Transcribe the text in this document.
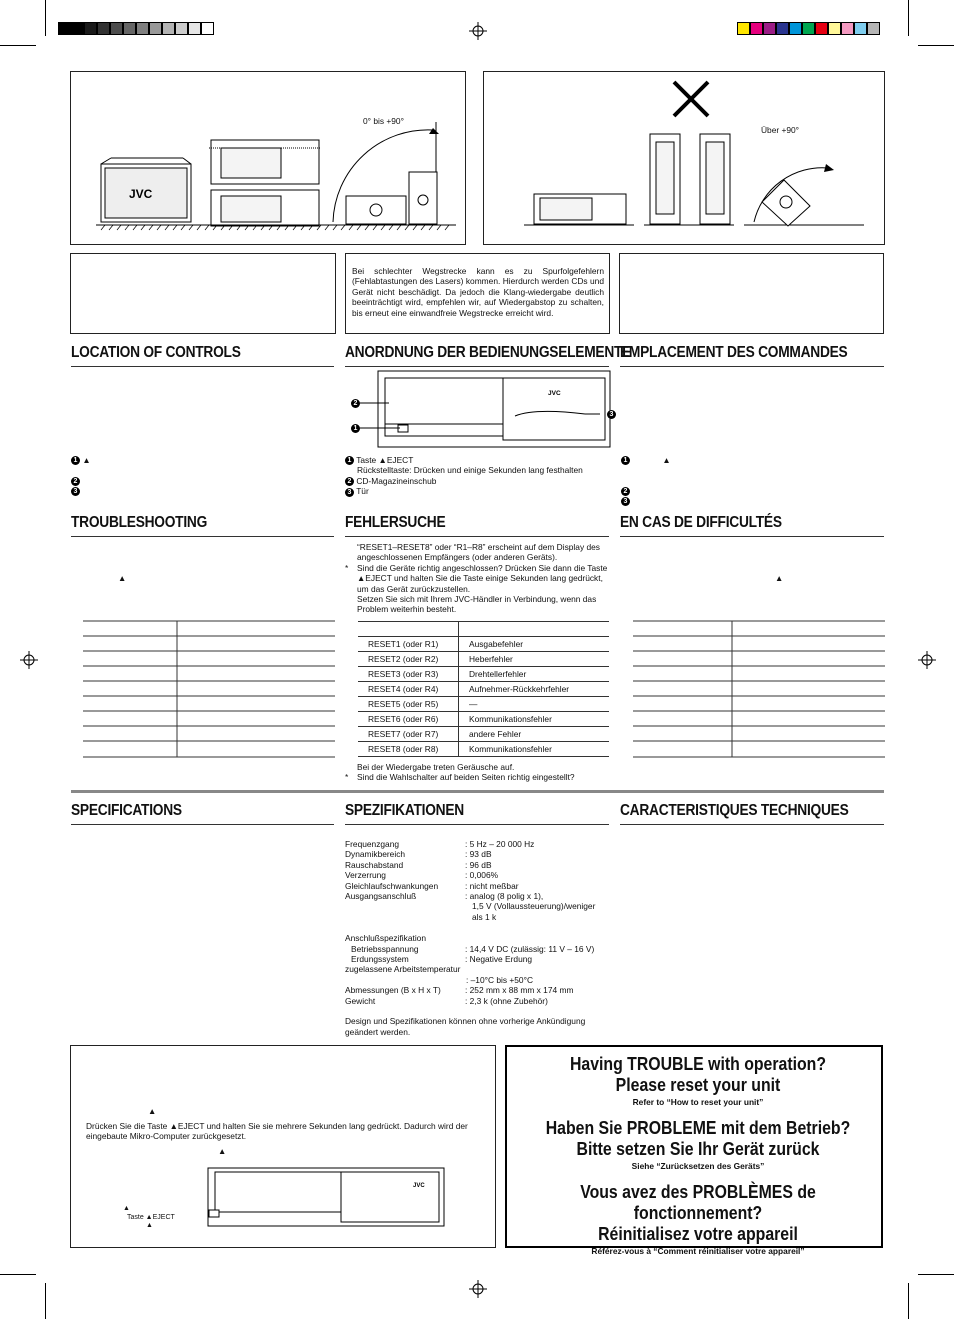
0° bis +90°
JVC
Über +90°
Bei schlechter Wegstrecke kann es zu Spurfolgefehlern (Fehlabtastungen des Lasers) kommen. Hierdurch werden CDs und Gerät nicht beschädigt. Da jedoch die Klang-wiedergabe deutlich beeinträchtigt wird, empfehlen wir, auf Wiedergabstop zu schalten, bis erneut eine einwandfreie Wegstrecke erreicht wird.
LOCATION OF CONTROLS	ANORDNUNG DER BEDIENUNGSELEMENTE
EMPLACEMENT DES COMMANDES
JVC
2
1
3
1 ▲
2
3
1	▲
2
3
1 Taste ▲EJECT
Rückstelltaste: Drücken und einige Sekunden lang festhalten
2 CD-Magazineinschub
3 Tür
TROUBLESHOOTING	FEHLERSUCHE	EN CAS DE DIFFICULTÉS
▲	▲
“RESET1–RESET8” oder “R1–R8” erscheint auf dem Display des angeschlossenen Empfängers (oder anderen Geräts).
*	Sind die Geräte richtig angeschlossen? Drücken Sie dann die Taste ▲EJECT und halten Sie die Taste einige Sekunden lang gedrückt, um das Gerät zurückzustellen.
Setzen Sie sich mit Ihrem JVC-Händler in Verbindung, wenn das Problem weiterhin besteht.

RESET1 (oder R1)	Ausgabefehler
RESET2 (oder R2)	Heberfehler
RESET3 (oder R3)	Drehtellerfehler
RESET4 (oder R4)	Aufnehmer-Rückkehrfehler
RESET5 (oder R5)	—
RESET6 (oder R6)	Kommunikationsfehler
RESET7 (oder R7)	andere Fehler
RESET8 (oder R8)	Kommunikationsfehler
Bei der Wiedergabe treten Geräusche auf.
*	Sind die Wahlschalter auf beiden Seiten richtig eingestellt?
SPECIFICATIONS	SPEZIFIKATIONEN	CARACTERISTIQUES TECHNIQUES
Frequenzgang	: 5 Hz – 20 000 Hz
Dynamikbereich	: 93 dB
Rauschabstand	: 96 dB
Verzerrung	: 0,006%
Gleichlaufschwankungen	: nicht meßbar
Ausgangsanschluß	: analog (8 polig x 1),
1,5 V (Vollaussteuerung)/weniger
als 1 k
Anschlußspezifikation
Betriebsspannung	: 14,4 V DC (zulässig: 11 V – 16 V)
Erdungssystem	: Negative Erdung
zugelassene Arbeitstemperatur
: –10°C bis +50°C
Abmessungen (B x H x T)	: 252 mm x 88 mm x 174 mm
Gewicht	: 2,3 k (ohne Zubehör)
Design und Spezifikationen können ohne vorherige Ankündigung geändert werden.
▲
Drücken Sie die Taste ▲EJECT und halten Sie sie mehrere Sekunden lang gedrückt. Dadurch wird der eingebaute Mikro-Computer zurückgesetzt.
▲
JVC
▲
Taste ▲EJECT
▲
Having TROUBLE with operation?
Please reset your unit
Refer to “How to reset your unit”
Haben Sie PROBLEME mit dem Betrieb?
Bitte setzen Sie Ihr Gerät zurück
Siehe “Zurücksetzen des Geräts”
Vous avez des PROBLÈMES de fonctionnement?
Réinitialisez votre appareil
Référez-vous à “Comment réinitialiser votre appareil”
